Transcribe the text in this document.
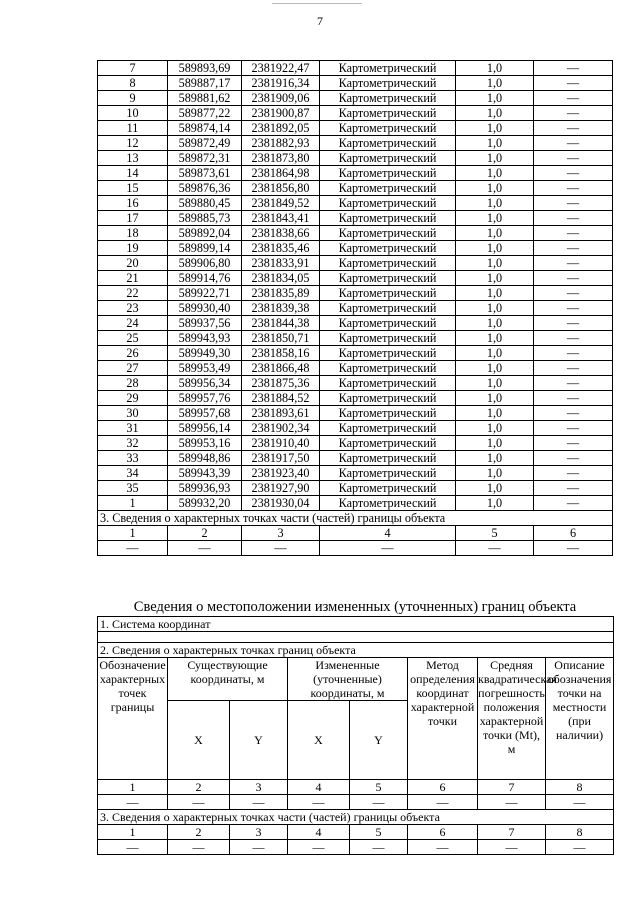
7
7	589893,69	2381922,47	Картометрический	1,0	—
8	589887,17	2381916,34	Картометрический	1,0	—
9	589881,62	2381909,06	Картометрический	1,0	—
10	589877,22	2381900,87	Картометрический	1,0	—
11	589874,14	2381892,05	Картометрический	1,0	—
12	589872,49	2381882,93	Картометрический	1,0	—
13	589872,31	2381873,80	Картометрический	1,0	—
14	589873,61	2381864,98	Картометрический	1,0	—
15	589876,36	2381856,80	Картометрический	1,0	—
16	589880,45	2381849,52	Картометрический	1,0	—
17	589885,73	2381843,41	Картометрический	1,0	—
18	589892,04	2381838,66	Картометрический	1,0	—
19	589899,14	2381835,46	Картометрический	1,0	—
20	589906,80	2381833,91	Картометрический	1,0	—
21	589914,76	2381834,05	Картометрический	1,0	—
22	589922,71	2381835,89	Картометрический	1,0	—
23	589930,40	2381839,38	Картометрический	1,0	—
24	589937,56	2381844,38	Картометрический	1,0	—
25	589943,93	2381850,71	Картометрический	1,0	—
26	589949,30	2381858,16	Картометрический	1,0	—
27	589953,49	2381866,48	Картометрический	1,0	—
28	589956,34	2381875,36	Картометрический	1,0	—
29	589957,76	2381884,52	Картометрический	1,0	—
30	589957,68	2381893,61	Картометрический	1,0	—
31	589956,14	2381902,34	Картометрический	1,0	—
32	589953,16	2381910,40	Картометрический	1,0	—
33	589948,86	2381917,50	Картометрический	1,0	—
34	589943,39	2381923,40	Картометрический	1,0	—
35	589936,93	2381927,90	Картометрический	1,0	—
1	589932,20	2381930,04	Картометрический	1,0	—
3. Сведения о характерных точках части (частей) границы объекта					
1	2	3	4	5	6
—	—	—	—	—	—
Сведения о местоположении измененных (уточненных) границ объекта
1. Система координат							

2. Сведения о характерных точках границ объекта							
Обозначение характерных точек границы	Существующие координаты, м		Измененные (уточненные) координаты, м		Метод определения координат характерной точки	Средняя квадратическая погрешность положения характерной точки (Mt), м	Описание обозначения точки на местности (при наличии)
	X	Y	X	Y			
1	2	3	4	5	6	7	8
—	—	—	—	—	—	—	—
3. Сведения о характерных точках части (частей) границы объекта							
1	2	3	4	5	6	7	8
—	—	—	—	—	—	—	—
